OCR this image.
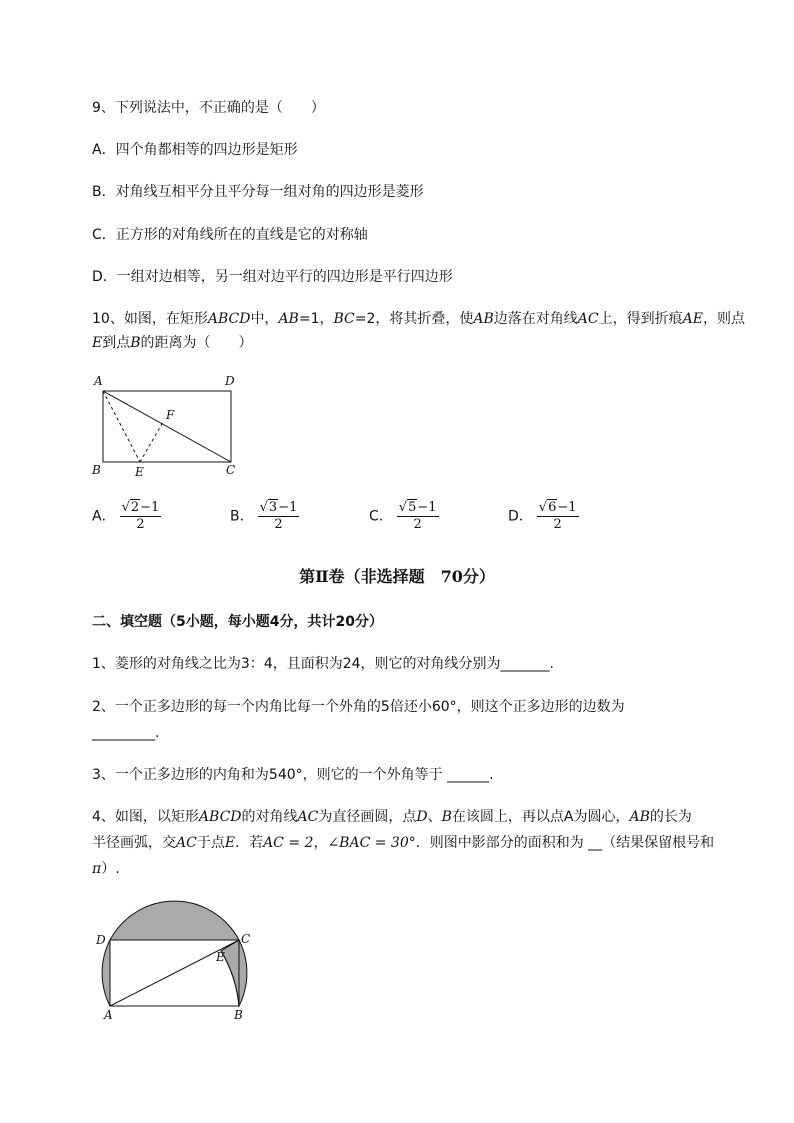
9、下列说法中，不正确的是（　　）
A．四个角都相等的四边形是矩形
B．对角线互相平分且平分每一组对角的四边形是菱形
C．正方形的对角线所在的直线是它的对称轴
D．一组对边相等，另一组对边平行的四边形是平行四边形
10、如图，在矩形ABCD中，AB=1，BC=2，将其折叠，使AB边落在对角线AC上，得到折痕AE，则点
E到点B的距离为（　　）
A	D
F
B	E	C
A． $\frac{√2-1}{2}$	B． $\frac{√3-1}{2}$	C． $\frac{√5-1}{2}$	D． $\frac{√6-1}{2}$
第Ⅱ卷（非选择题　70分）
二、填空题（5小题，每小题4分，共计20分）
1、菱形的对角线之比为3：4，且面积为24，则它的对角线分别为_______.
2、一个正多边形的每一个内角比每一个外角的5倍还小60°，则这个正多边形的边数为
_________.
3、一个正多边形的内角和为540°，则它的一个外角等于 ______.
4、如图，以矩形ABCD的对角线AC为直径画圆，点D、B在该圆上，再以点A为圆心，AB的长为
半径画弧，交AC于点E．若AC = 2，∠BAC = 30°．则图中影部分的面积和为 __（结果保留根号和
π）.
D	C
E
A	B
